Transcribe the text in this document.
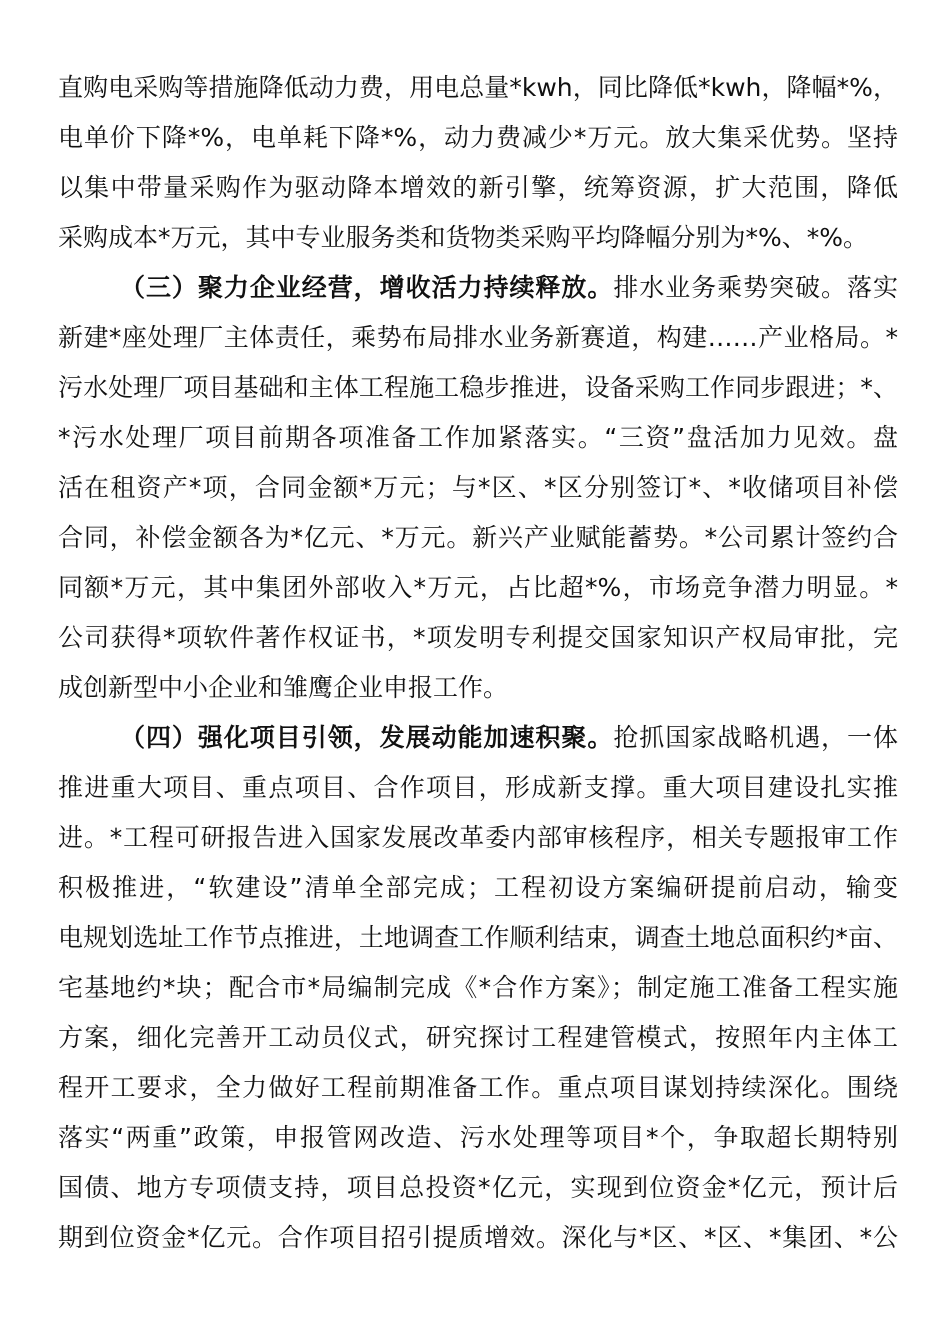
直购电采购等措施降低动力费，用电总量*kwh，同比降低*kwh，降幅*%，
电单价下降*%，电单耗下降*%，动力费减少*万元。放大集采优势。坚持
以集中带量采购作为驱动降本增效的新引擎，统筹资源，扩大范围，降低
采购成本*万元，其中专业服务类和货物类采购平均降幅分别为*%、*%。
（三）聚力企业经营，增收活力持续释放。排水业务乘势突破。落实
新建*座处理厂主体责任，乘势布局排水业务新赛道，构建……产业格局。*
污水处理厂项目基础和主体工程施工稳步推进，设备采购工作同步跟进；*、
*污水处理厂项目前期各项准备工作加紧落实。“三资”盘活加力见效。盘
活在租资产*项，合同金额*万元；与*区、*区分别签订*、*收储项目补偿
合同，补偿金额各为*亿元、*万元。新兴产业赋能蓄势。*公司累计签约合
同额*万元，其中集团外部收入*万元，占比超*%，市场竞争潜力明显。*
公司获得*项软件著作权证书，*项发明专利提交国家知识产权局审批，完
成创新型中小企业和雏鹰企业申报工作。
（四）强化项目引领，发展动能加速积聚。抢抓国家战略机遇，一体
推进重大项目、重点项目、合作项目，形成新支撑。重大项目建设扎实推
进。*工程可研报告进入国家发展改革委内部审核程序，相关专题报审工作
积极推进，“软建设”清单全部完成；工程初设方案编研提前启动，输变
电规划选址工作节点推进，土地调查工作顺利结束，调查土地总面积约*亩、
宅基地约*块；配合市*局编制完成《*合作方案》；制定施工准备工程实施
方案，细化完善开工动员仪式，研究探讨工程建管模式，按照年内主体工
程开工要求，全力做好工程前期准备工作。重点项目谋划持续深化。围绕
落实“两重”政策，申报管网改造、污水处理等项目*个，争取超长期特别
国债、地方专项债支持，项目总投资*亿元，实现到位资金*亿元，预计后
期到位资金*亿元。合作项目招引提质增效。深化与*区、*区、*集团、*公
